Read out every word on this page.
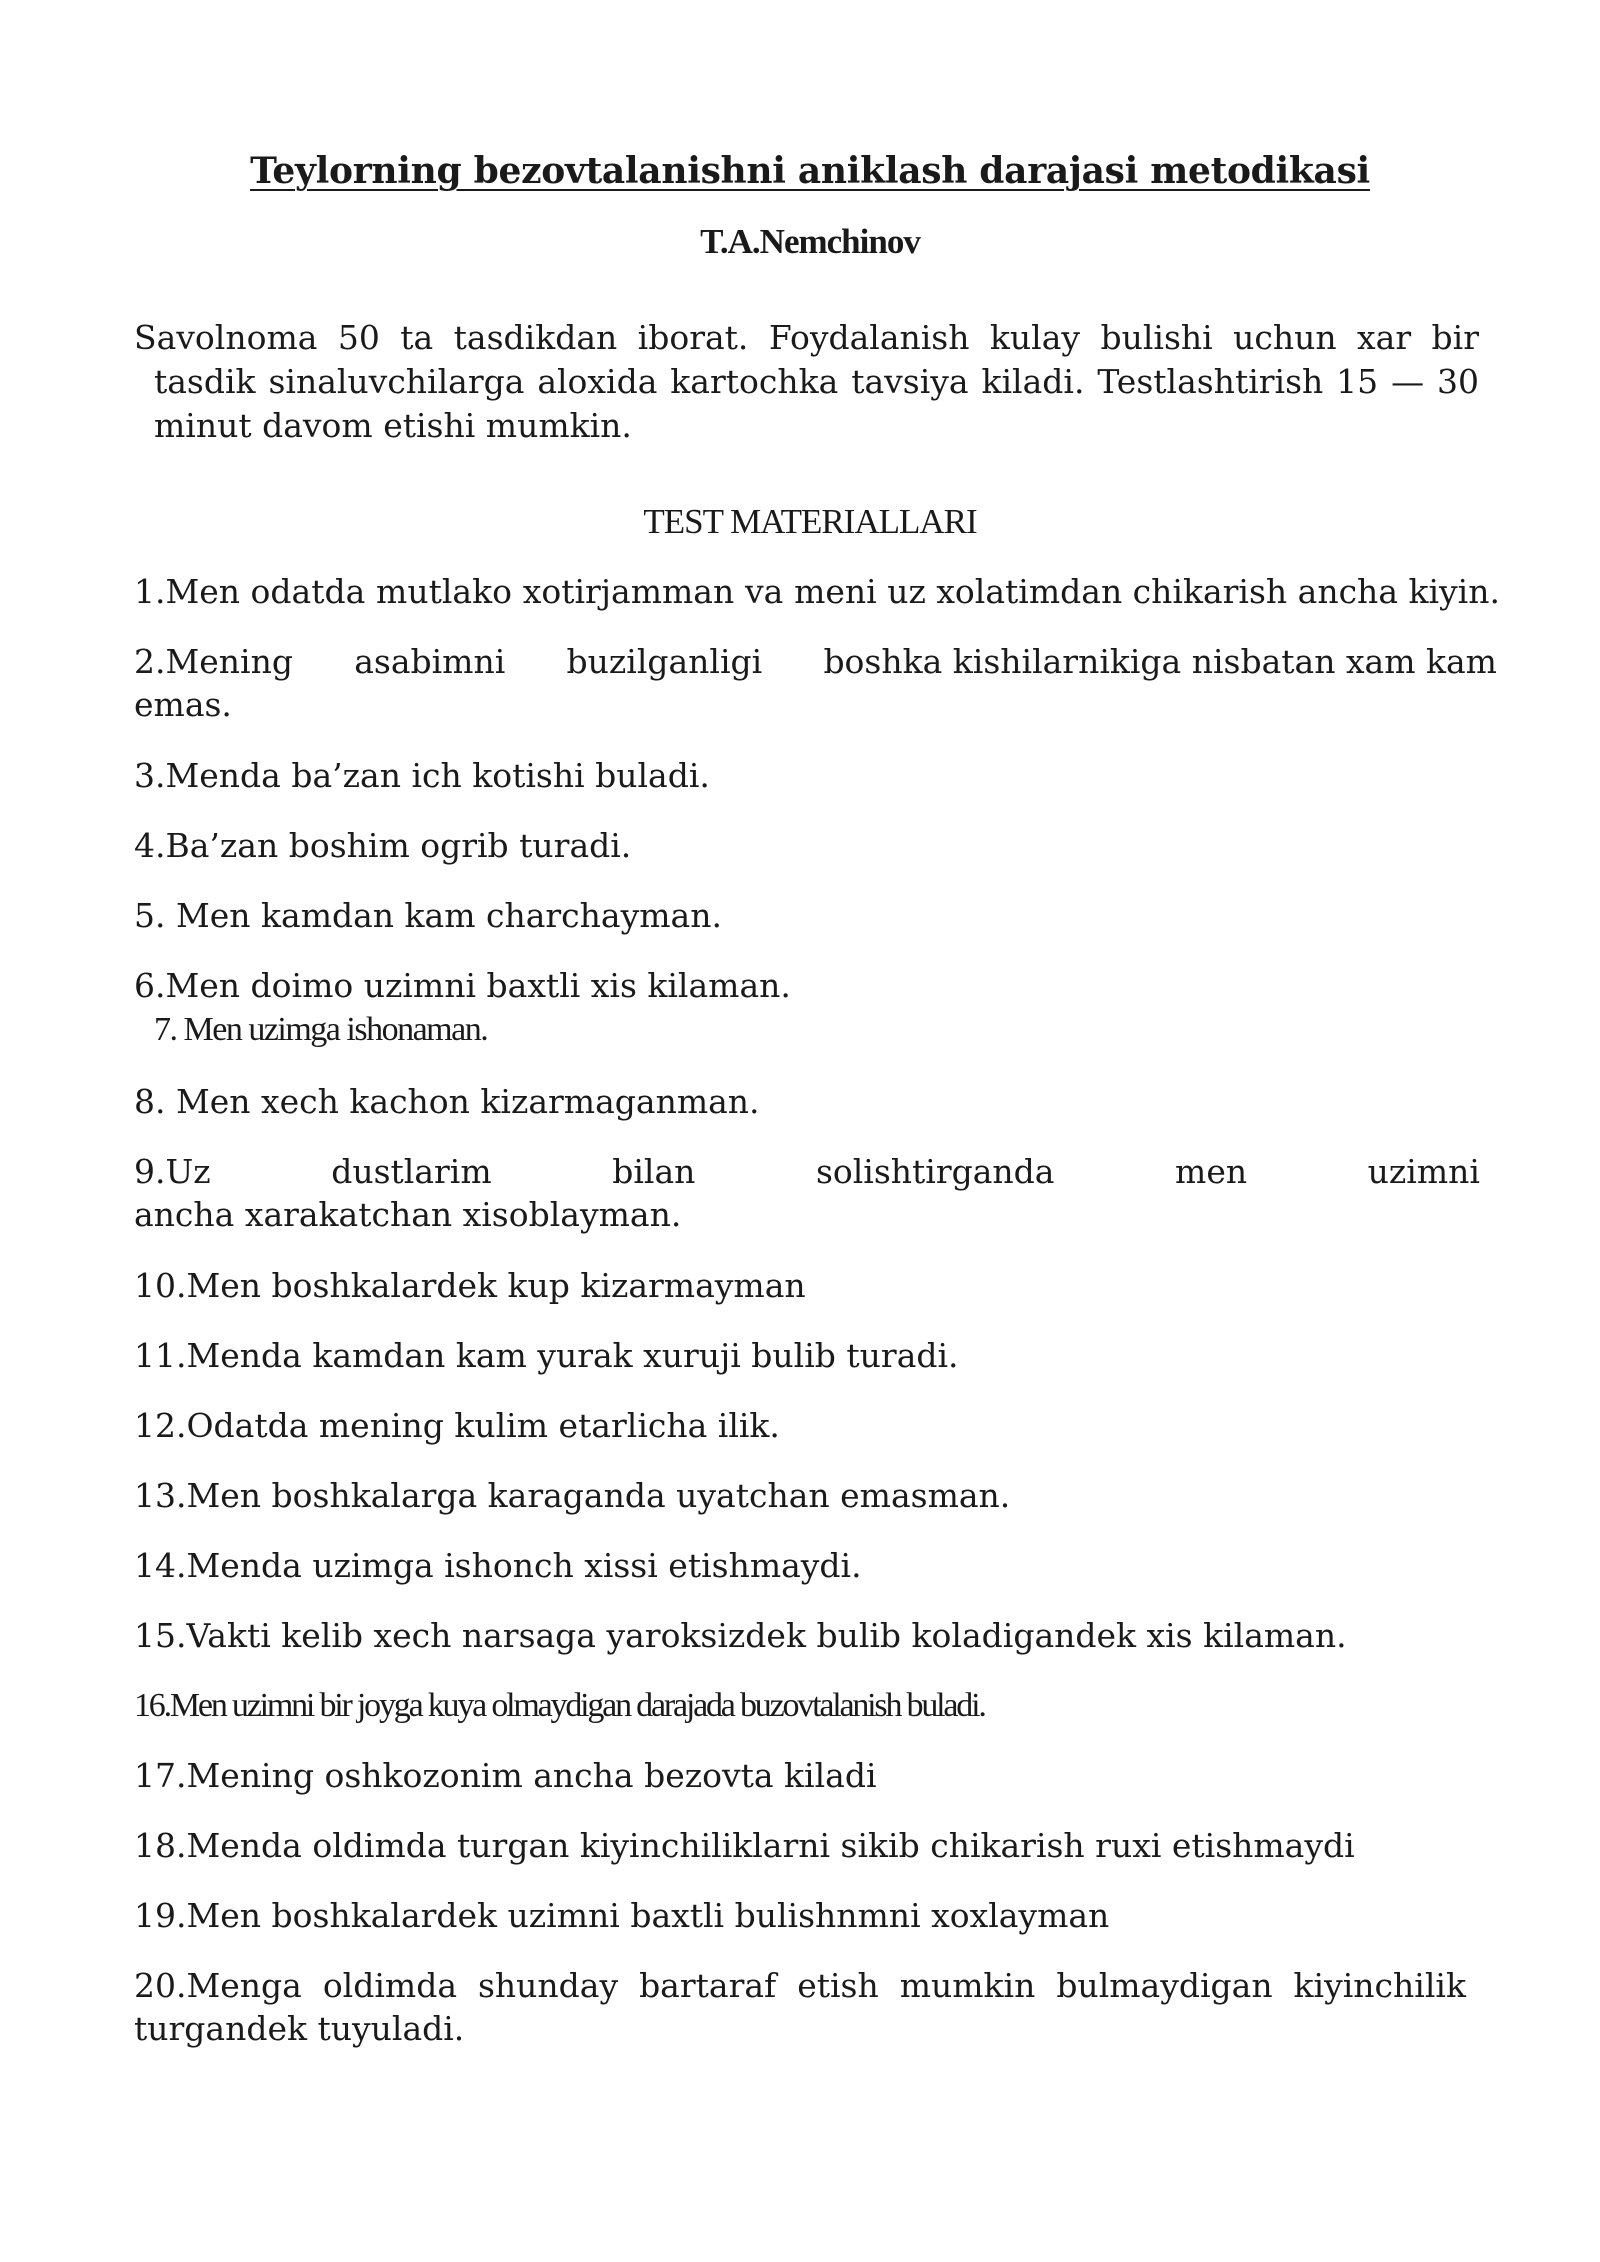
Teylorning bezovtalanishni aniklash darajasi metodikasi
T.A.Nemchinov

Savolnoma 50 ta tasdikdan iborat. Foydalanish kulay bulishi uchun xar bir tasdik sinaluvchilarga aloxida kartochka tavsiya kiladi. Testlashtirish 15 — 30 minut davom etishi mumkin.

TEST MATERIALLARI
1.Men odatda mutlako xotirjamman va meni uz xolatimdan chikarish ancha kiyin.
2.Mening asabimni buzilganligi boshka kishilarnikiga nisbatan xam kam
emas.
3.Menda ba’zan ich kotishi buladi.
4.Ba’zan boshim ogrib turadi.
5. Men kamdan kam charchayman.
6.Men doimo uzimni baxtli xis kilaman.
7. Men uzimga ishonaman.
8. Men xech kachon kizarmaganman.
9.Uz	dustlarim	bilan	solishtirganda	men	uzimni
ancha xarakatchan xisoblayman.
10.Men boshkalardek kup kizarmayman
11.Menda kamdan kam yurak xuruji bulib turadi.
12.Odatda mening kulim etarlicha ilik.
13.Men boshkalarga karaganda uyatchan emasman.
14.Menda uzimga ishonch xissi etishmaydi.
15.Vakti kelib xech narsaga yaroksizdek bulib koladigandek xis kilaman.
16.Men uzimni bir joyga kuya olmaydigan darajada buzovtalanish buladi.
17.Mening oshkozonim ancha bezovta kiladi
18.Menda oldimda turgan kiyinchiliklarni sikib chikarish ruxi etishmaydi
19.Men boshkalardek uzimni baxtli bulishnmni xoxlayman
20.Menga oldimda shunday bartaraf etish mumkin bulmaydigan kiyinchilik
turgandek tuyuladi.
